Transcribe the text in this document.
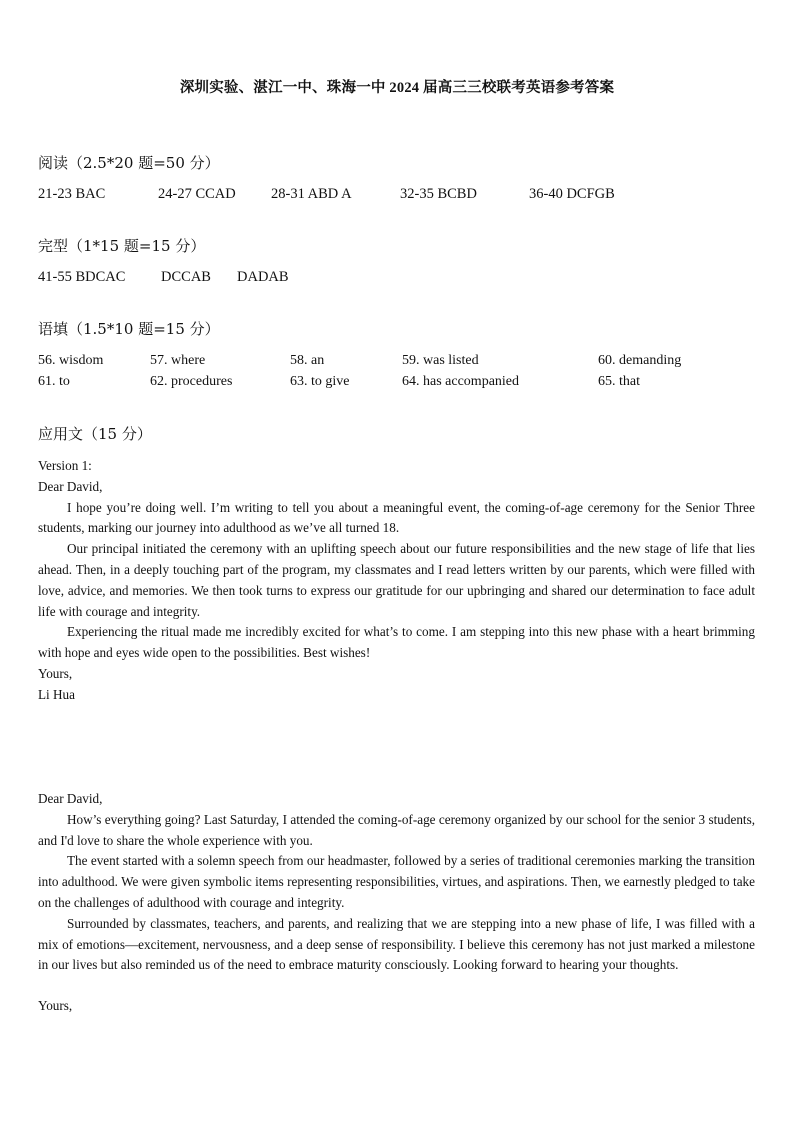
深圳实验、湛江一中、珠海一中 2024 届高三三校联考英语参考答案
阅读（2.5*20 题=50 分）
21-23 BAC	24-27 CCAD 28-31 ABD A	32-35 BCBD	36-40 DCFGB
完型（1*15 题=15 分）
41-55 BDCAC DCCAB DADAB
语填（1.5*10 题=15 分）
56. wisdom	57. where	58. an	59. was listed	60. demanding
61. to	62. procedures	63. to give	64. has accompanied	65. that
应用文（15 分）

Version 1:

Dear David,

I hope you’re doing well. I’m writing to tell you about a meaningful event, the coming-of-age ceremony for the Senior Three students, marking our journey into adulthood as we’ve all turned 18.

Our principal initiated the ceremony with an uplifting speech about our future responsibilities and the new stage of life that lies ahead. Then, in a deeply touching part of the program, my classmates and I read letters written by our parents, which were filled with love, advice, and memories. We then took turns to express our gratitude for our upbringing and shared our determination to face adult life with courage and integrity.

Experiencing the ritual made me incredibly excited for what’s to come. I am stepping into this new phase with a heart brimming with hope and eyes wide open to the possibilities. Best wishes!

Yours,

Li Hua

Dear David,

How’s everything going? Last Saturday, I attended the coming-of-age ceremony organized by our school for the senior 3 students, and I'd love to share the whole experience with you.

The event started with a solemn speech from our headmaster, followed by a series of traditional ceremonies marking the transition into adulthood. We were given symbolic items representing responsibilities, virtues, and aspirations. Then, we earnestly pledged to take on the challenges of adulthood with courage and integrity.

Surrounded by classmates, teachers, and parents, and realizing that we are stepping into a new phase of life, I was filled with a mix of emotions—excitement, nervousness, and a deep sense of responsibility. I believe this ceremony has not just marked a milestone in our lives but also reminded us of the need to embrace maturity consciously. Looking forward to hearing your thoughts.

Yours,
